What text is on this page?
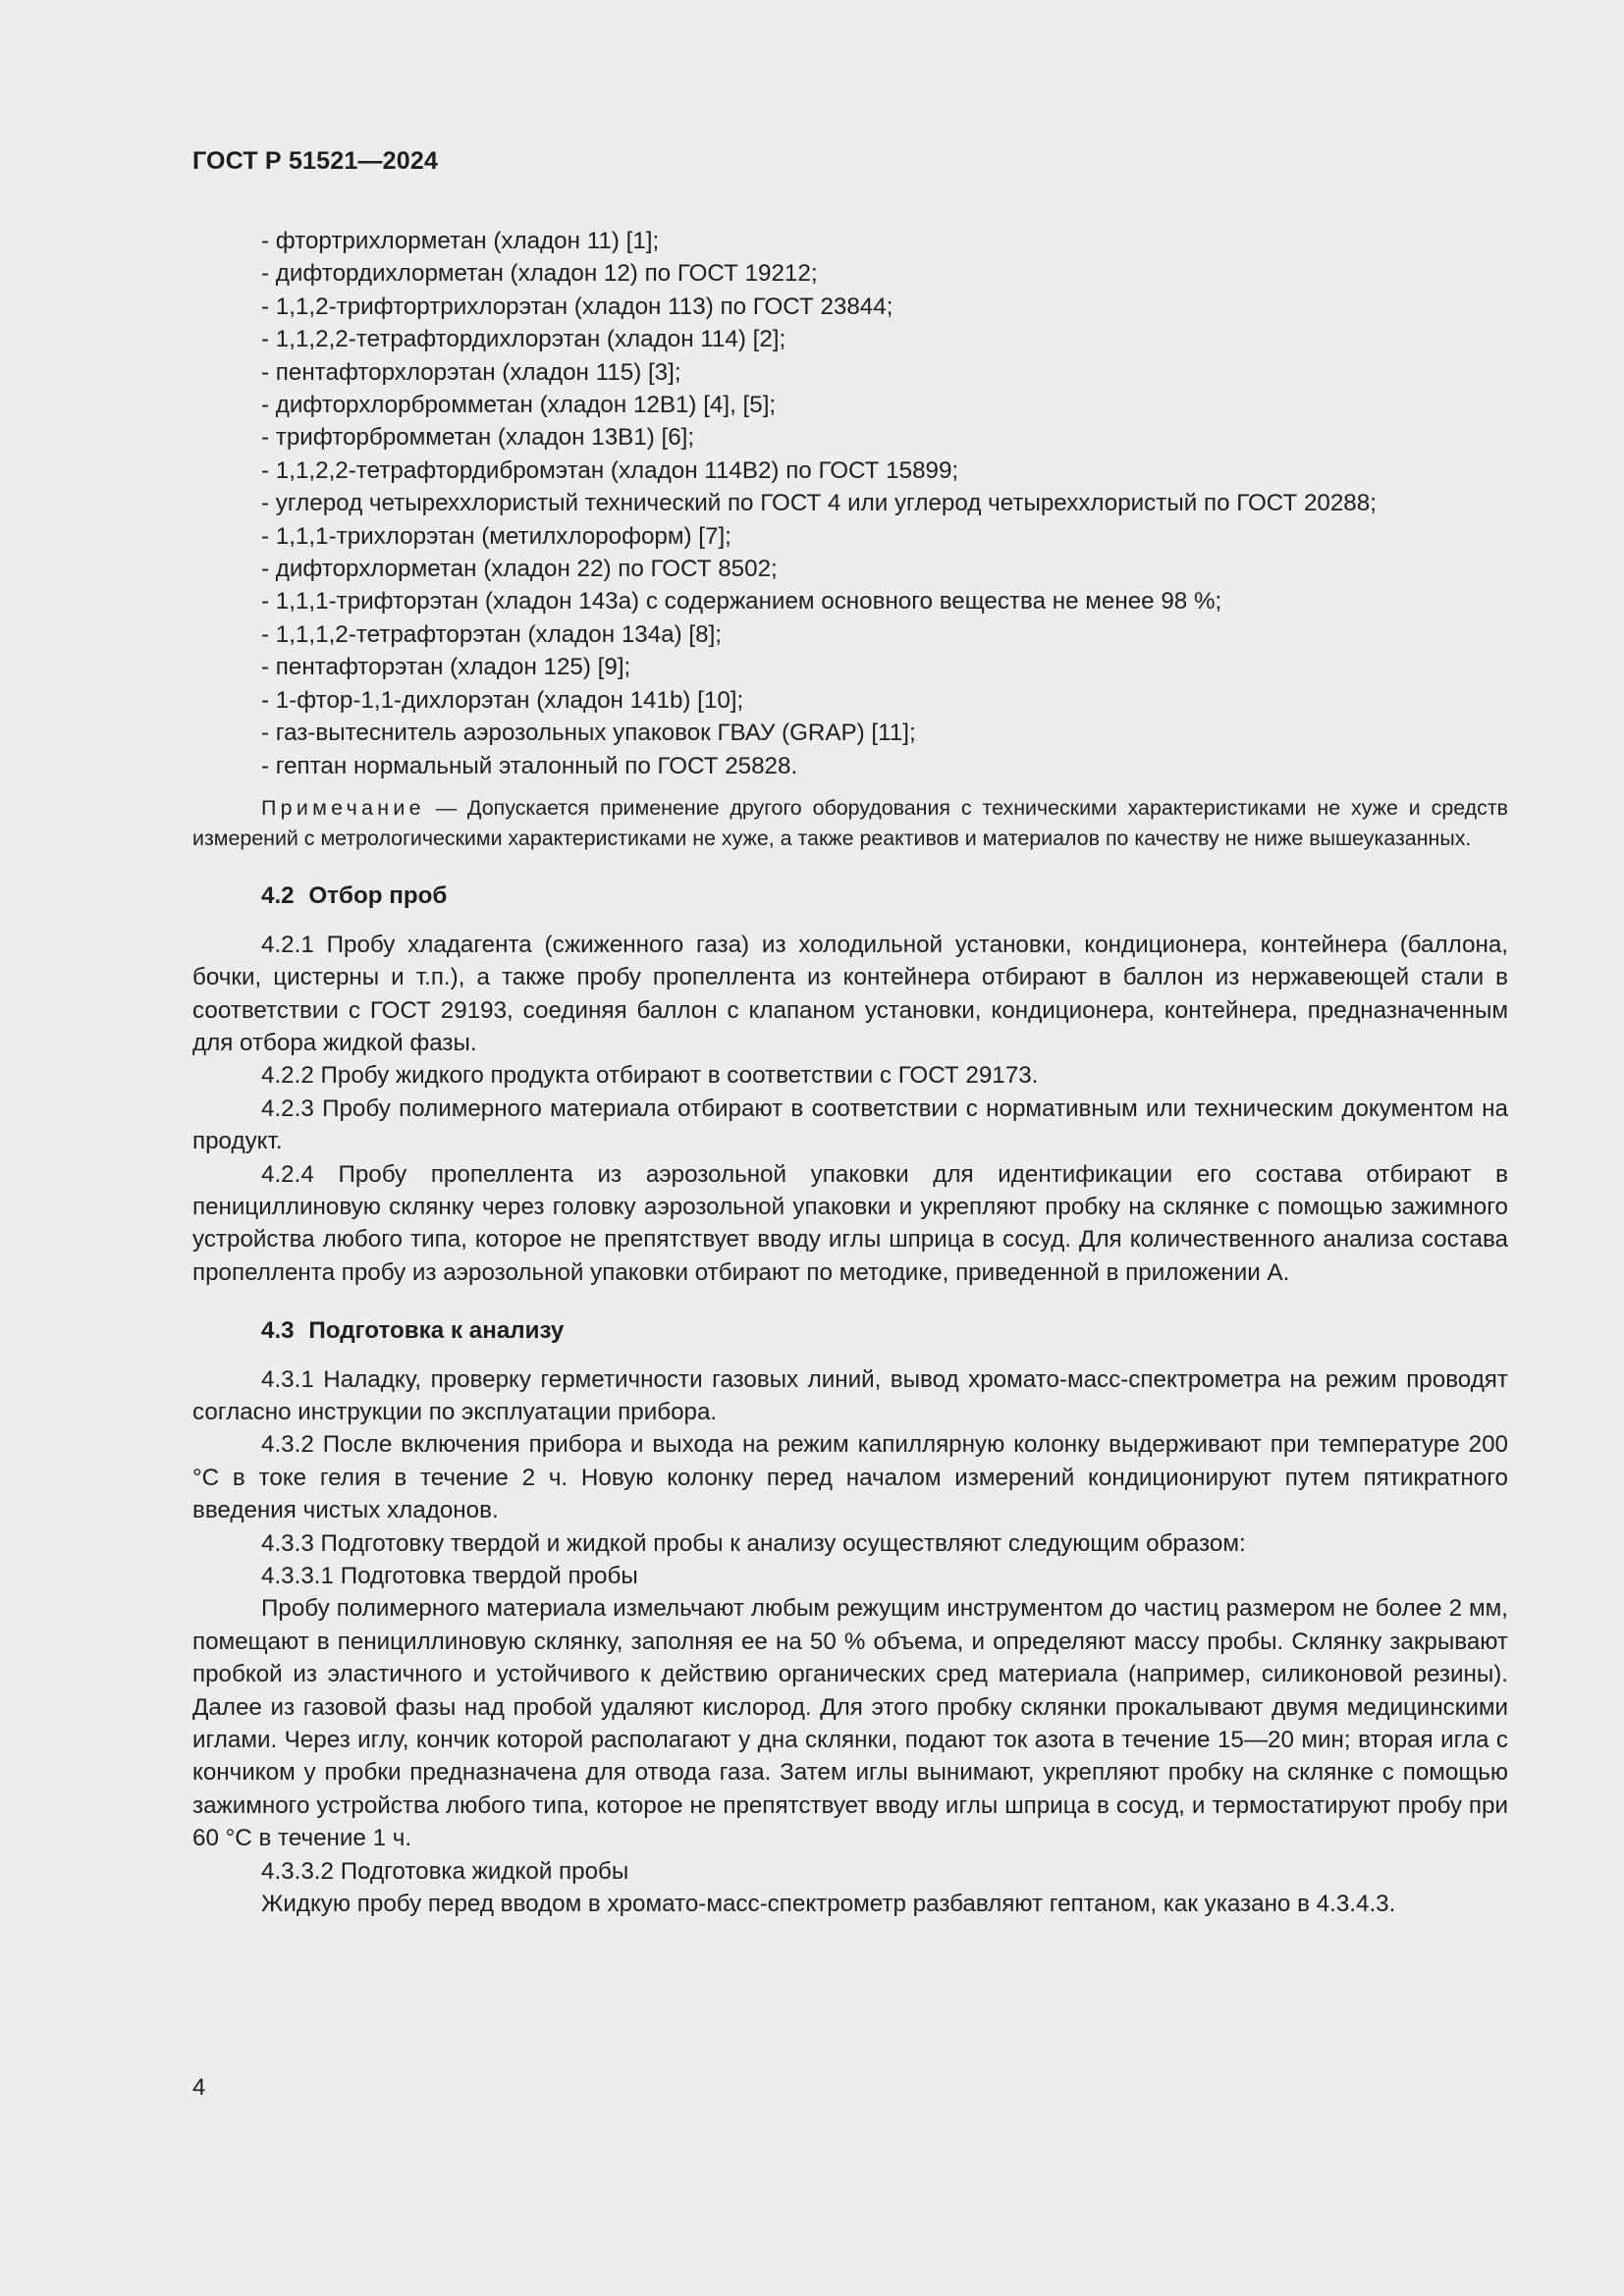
ГОСТ Р 51521—2024
- фтортрихлорметан (хладон 11) [1];
- дифтордихлорметан (хладон 12) по ГОСТ 19212;
- 1,1,2-трифтортрихлорэтан (хладон 113) по ГОСТ 23844;
- 1,1,2,2-тетрафтордихлорэтан (хладон 114) [2];
- пентафторхлорэтан (хладон 115) [3];
- дифторхлорбромметан (хладон 12В1) [4], [5];
- трифторбромметан (хладон 13В1) [6];
- 1,1,2,2-тетрафтордибромэтан (хладон 114В2) по ГОСТ 15899;
- углерод четыреххлористый технический по ГОСТ 4 или углерод четыреххлористый по ГОСТ 20288;
- 1,1,1-трихлорэтан (метилхлороформ) [7];
- дифторхлорметан (хладон 22) по ГОСТ 8502;
- 1,1,1-трифторэтан (хладон 143а) с содержанием основного вещества не менее 98 %;
- 1,1,1,2-тетрафторэтан (хладон 134а) [8];
- пентафторэтан (хладон 125) [9];
- 1-фтор-1,1-дихлорэтан (хладон 141b) [10];
- газ-вытеснитель аэрозольных упаковок ГВАУ (GRAP) [11];
- гептан нормальный эталонный по ГОСТ 25828.

Примечание — Допускается применение другого оборудования с техническими характеристиками не хуже и средств измерений с метрологическими характеристиками не хуже, а также реактивов и материалов по качеству не ниже вышеуказанных.

4.2 Отбор проб

4.2.1 Пробу хладагента (сжиженного газа) из холодильной установки, кондиционера, контейнера (баллона, бочки, цистерны и т.п.), а также пробу пропеллента из контейнера отбирают в баллон из нержавеющей стали в соответствии с ГОСТ 29193, соединяя баллон с клапаном установки, кондиционера, контейнера, предназначенным для отбора жидкой фазы.

4.2.2 Пробу жидкого продукта отбирают в соответствии с ГОСТ 29173.

4.2.3 Пробу полимерного материала отбирают в соответствии с нормативным или техническим документом на продукт.

4.2.4 Пробу пропеллента из аэрозольной упаковки для идентификации его состава отбирают в пенициллиновую склянку через головку аэрозольной упаковки и укрепляют пробку на склянке с помощью зажимного устройства любого типа, которое не препятствует вводу иглы шприца в сосуд. Для количественного анализа состава пропеллента пробу из аэрозольной упаковки отбирают по методике, приведенной в приложении А.

4.3 Подготовка к анализу

4.3.1 Наладку, проверку герметичности газовых линий, вывод хромато-масс-спектрометра на режим проводят согласно инструкции по эксплуатации прибора.

4.3.2 После включения прибора и выхода на режим капиллярную колонку выдерживают при температуре 200 °С в токе гелия в течение 2 ч. Новую колонку перед началом измерений кондиционируют путем пятикратного введения чистых хладонов.

4.3.3 Подготовку твердой и жидкой пробы к анализу осуществляют следующим образом:

4.3.3.1 Подготовка твердой пробы

Пробу полимерного материала измельчают любым режущим инструментом до частиц размером не более 2 мм, помещают в пенициллиновую склянку, заполняя ее на 50 % объема, и определяют массу пробы. Склянку закрывают пробкой из эластичного и устойчивого к действию органических сред материала (например, силиконовой резины). Далее из газовой фазы над пробой удаляют кислород. Для этого пробку склянки прокалывают двумя медицинскими иглами. Через иглу, кончик которой располагают у дна склянки, подают ток азота в течение 15—20 мин; вторая игла с кончиком у пробки предназначена для отвода газа. Затем иглы вынимают, укрепляют пробку на склянке с помощью зажимного устройства любого типа, которое не препятствует вводу иглы шприца в сосуд, и термостатируют пробу при 60 °С в течение 1 ч.

4.3.3.2 Подготовка жидкой пробы

Жидкую пробу перед вводом в хромато-масс-спектрометр разбавляют гептаном, как указано в 4.3.4.3.

4
